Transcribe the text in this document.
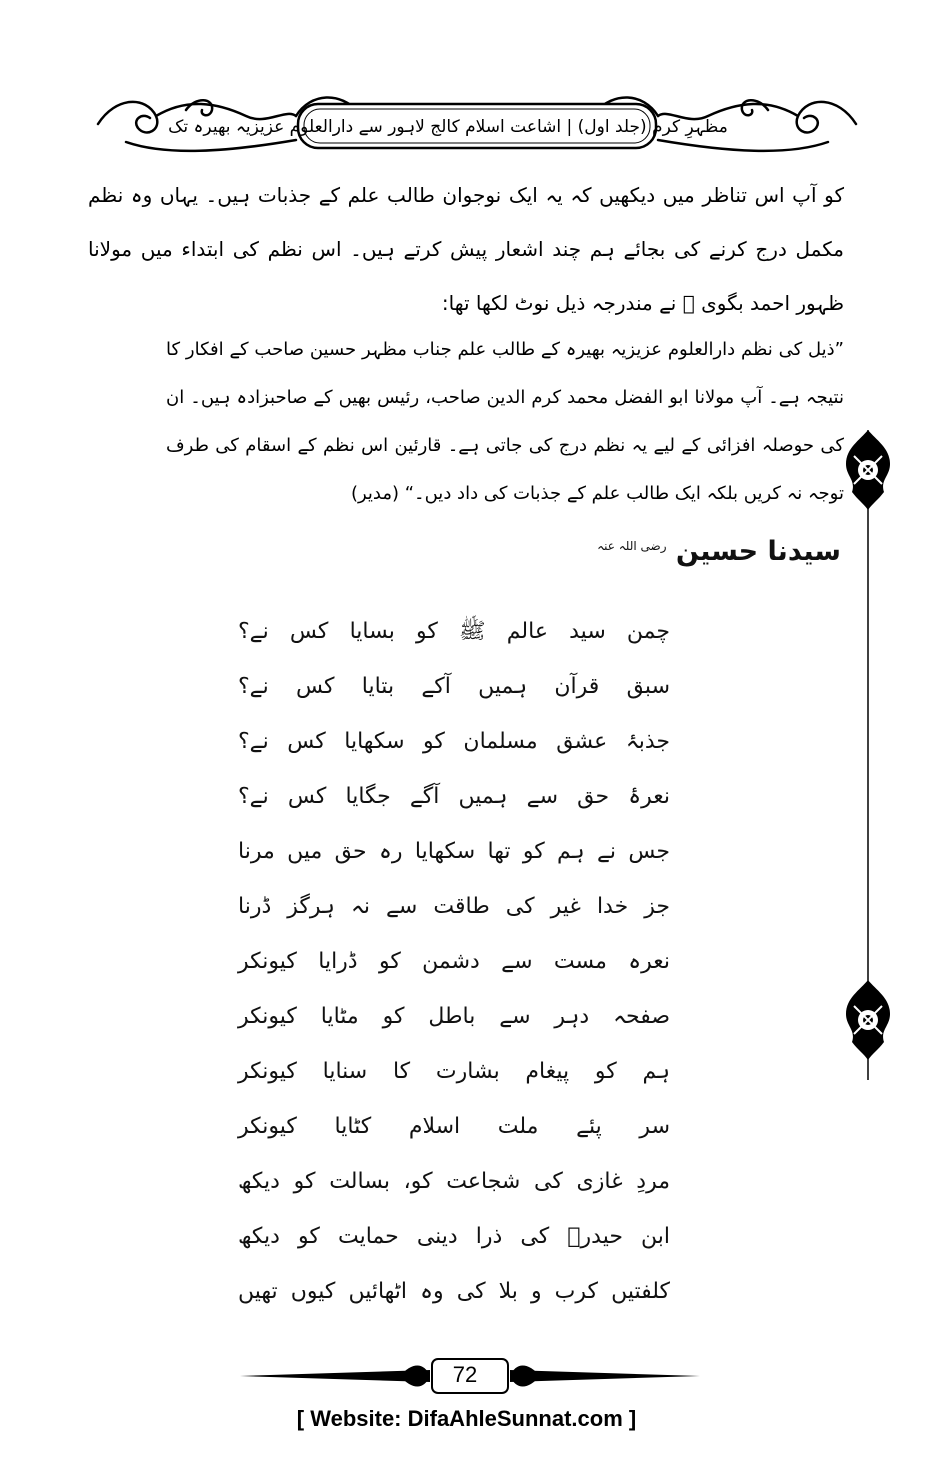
مظہرِ کرم (جلد اول) | اشاعت اسلام کالج لاہور سے دارالعلوم عزیزیہ بھیرہ تک
کو آپ اس تناظر میں دیکھیں کہ یہ ایک نوجوان طالب علم کے جذبات ہیں۔ یہاں وہ نظم مکمل درج کرنے کی بجائے ہم چند اشعار پیش کرتے ہیں۔ اس نظم کی ابتداء میں مولانا ظہور احمد بگوی ﷫ نے مندرجہ ذیل نوٹ لکھا تھا:
”ذیل کی نظم دارالعلوم عزیزیہ بھیرہ کے طالب علم جناب مظہر حسین صاحب کے افکار کا نتیجہ ہے۔ آپ مولانا ابو الفضل محمد کرم الدین صاحب، رئیس بھیں کے صاحبزادہ ہیں۔ ان کی حوصلہ افزائی کے لیے یہ نظم درج کی جاتی ہے۔ قارئین اس نظم کے اسقام کی طرف توجہ نہ کریں بلکہ ایک طالب علم کے جذبات کی داد دیں۔“ (مدیر)
سیدنا حسین $^{رضی اللہ عنہ}$
چمن سید عالم ﷺ کو بسایا کس نے؟
سبق قرآن ہمیں آکے بتایا کس نے؟
جذبۂ عشق مسلمان کو سکھایا کس نے؟
نعرۂ حق سے ہمیں آگے جگایا کس نے؟
جس نے ہم کو تھا سکھایا رہ حق میں مرنا
جز خدا غیر کی طاقت سے نہ ہرگز ڈرنا
نعرہ مست سے دشمن کو ڈرایا کیونکر
صفحہ دہر سے باطل کو مٹایا کیونکر
ہم کو پیغام بشارت کا سنایا کیونکر
سر پئے ملت اسلام کٹایا کیونکر
مردِ غازی کی شجاعت کو، بسالت کو دیکھ
ابن حیدر﷛ کی ذرا دینی حمایت کو دیکھ
کلفتیں کرب و بلا کی وہ اٹھائیں کیوں تھیں
72
[ Website: DifaAhleSunnat.com ]
